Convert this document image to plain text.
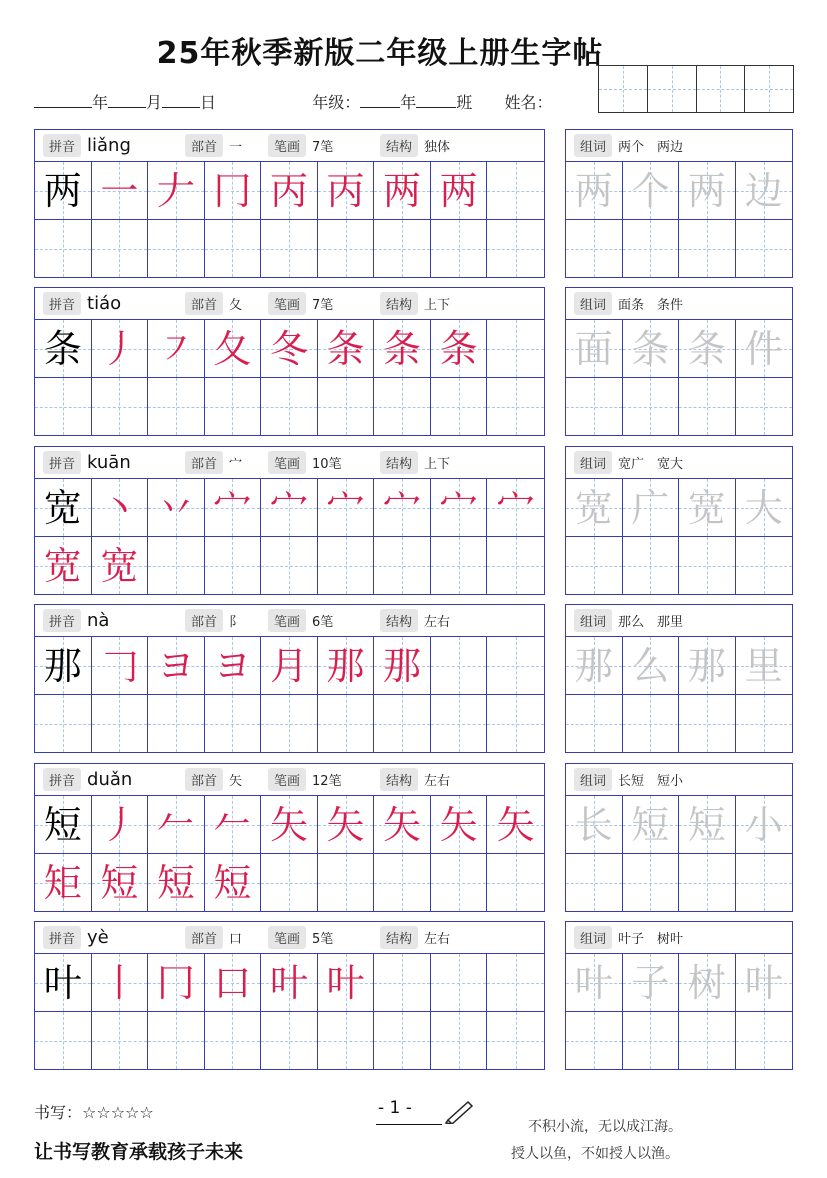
25年秋季新版二年级上册生字帖
年 月 日	年级：	年	班 姓名：
拼音 liǎng	部首 一	笔画 7笔	结构 独体
两 一 𠂇 冂 丙 丙 两 两
组词 两个　两边
两 个 两 边
拼音 tiáo	部首 夂	笔画 7笔	结构 上下
条 丿 ㇇ 夂 冬 条 条 条
组词 面条　条件
面 条 条 件
拼音 kuān	部首 宀	笔画 10笔	结构 上下
宽 丶 丷 宀 宀 宀 宀 宀 宀
宽 宽
组词 宽广　宽大
宽 广 宽 大
拼音 nà	部首 阝	笔画 6笔	结构 左右
那 𠃌 ヨ ヨ 月 那 那
组词 那么　那里
那 么 那 里
拼音 duǎn	部首 矢	笔画 12笔	结构 左右
短 丿 𠂉 𠂉 矢 矢 矢 矢 矢
矩 短 短 短
组词 长短　短小
长 短 短 小
拼音 yè	部首 口	笔画 5笔	结构 左右
叶 丨 冂 口 叶 叶
组词 叶子　树叶
叶 子 树 叶
书写：☆☆☆☆☆
让书写教育承载孩子未来
- 1 -
不积小流，无以成江海。
授人以鱼，不如授人以渔。
